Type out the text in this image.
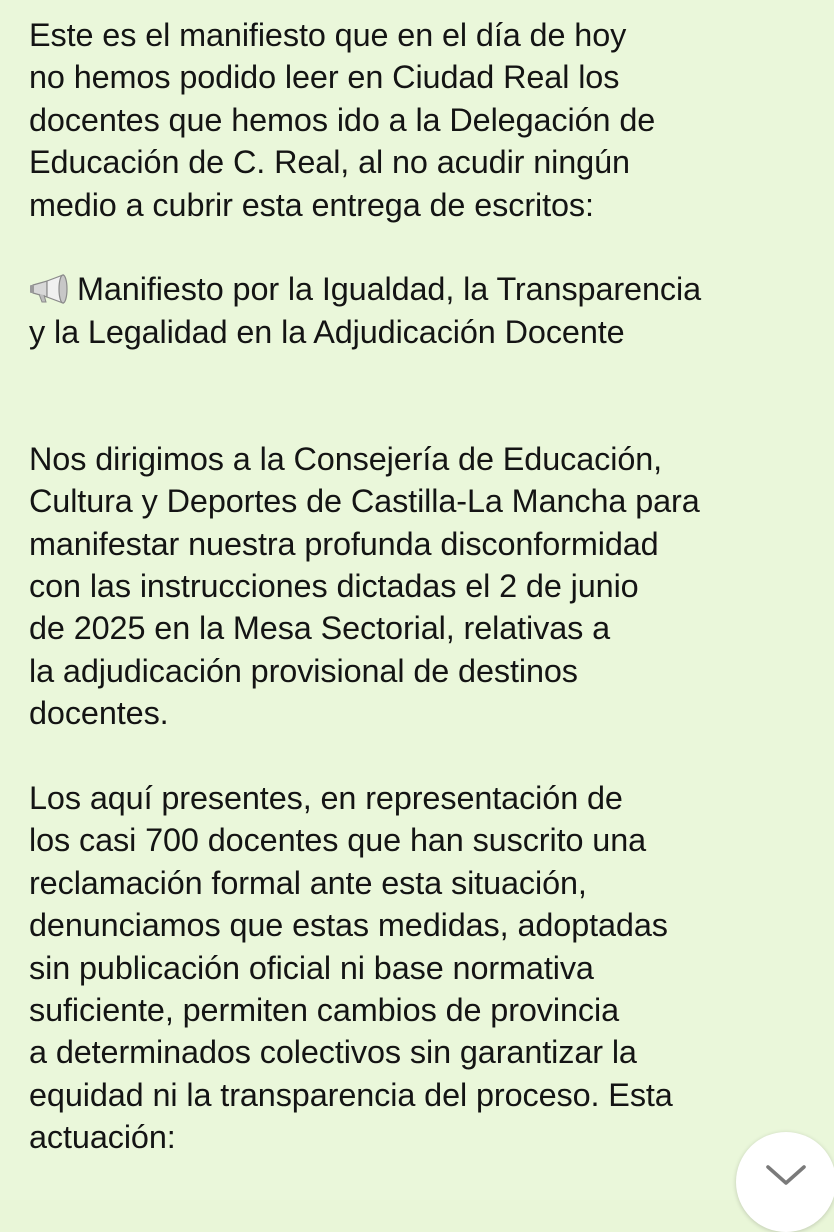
Este es el manifiesto que en el día de hoy
no hemos podido leer en Ciudad Real los
docentes que hemos ido a la Delegación de
Educación de C. Real, al no acudir ningún
medio a cubrir esta entrega de escritos:
Manifiesto por la Igualdad, la Transparencia
y la Legalidad en la Adjudicación Docente
Nos dirigimos a la Consejería de Educación,
Cultura y Deportes de Castilla-La Mancha para
manifestar nuestra profunda disconformidad
con las instrucciones dictadas el 2 de junio
de 2025 en la Mesa Sectorial, relativas a
la adjudicación provisional de destinos
docentes.
Los aquí presentes, en representación de
los casi 700 docentes que han suscrito una
reclamación formal ante esta situación,
denunciamos que estas medidas, adoptadas
sin publicación oficial ni base normativa
suficiente, permiten cambios de provincia
a determinados colectivos sin garantizar la
equidad ni la transparencia del proceso. Esta
actuación:
